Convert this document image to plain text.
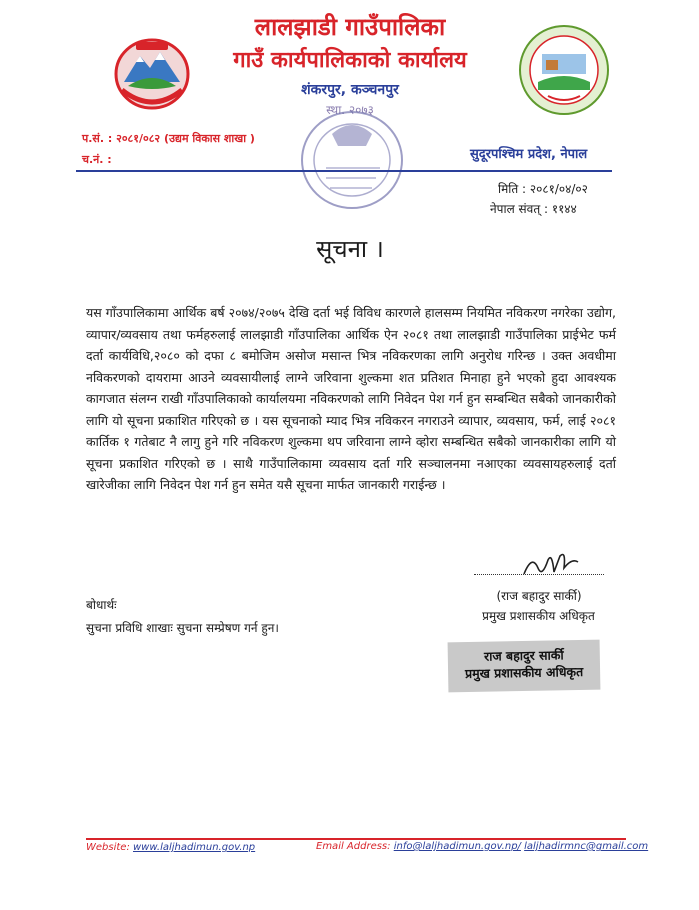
लालझाडी गाउँपालिका
गाउँ कार्यपालिकाको कार्यालय
शंकरपुर, कञ्चनपुर
स्था. २०७३
प.सं. : २०८१/०८२ (उद्यम विकास शाखा )
च.नं. :	सुदूरपश्चिम प्रदेश, नेपाल
मिति : २०८१/०४/०२
नेपाल संवत् : ११४४
सूचना ।
यस गाँउपालिकामा आर्थिक बर्ष २०७४/२०७५ देखि दर्ता भई विविध कारणले हालसम्म नियमित नविकरण नगरेका उद्योग, व्यापार/व्यवसाय तथा फर्महरुलाई लालझाडी गाँउपालिका आर्थिक ऐन २०८१ तथा लालझाडी गाउँपालिका प्राईभेट फर्म दर्ता कार्यविधि,२०८० को दफा ८ बमोजिम असोज मसान्त भित्र नविकरणका लागि अनुरोध गरिन्छ । उक्त अवधीमा नविकरणको दायरामा आउने व्यवसायीलाई लाग्ने जरिवाना शुल्कमा शत प्रतिशत मिनाहा हुने भएको हुदा आवश्यक कागजात संलग्न राखी गाँउपालिकाको कार्यालयमा नविकरणको लागि निवेदन पेश गर्न हुन सम्बन्धित सबैको जानकारीको लागि यो सूचना प्रकाशित गरिएको छ । यस सूचनाको म्याद भित्र नविकरन नगराउने व्यापार, व्यवसाय, फर्म, लाई २०८१ कार्तिक १ गतेबाट नै लागु हुने गरि नविकरण शुल्कमा थप जरिवाना लाग्ने व्होरा सम्बन्धित सबैको जानकारीका लागि यो सूचना प्रकाशित गरिएको छ । साथै गाउँपालिकामा व्यवसाय दर्ता गरि सञ्चालनमा नआएका व्यवसायहरुलाई दर्ता खारेजीका लागि निवेदन पेश गर्न हुन समेत यसै सूचना मार्फत जानकारी गराईन्छ ।
बोधार्थः
सुचना प्रविधि शाखाः सुचना सम्प्रेषण गर्न हुन।
(राज बहादुर सार्की)
प्रमुख प्रशासकीय अधिकृत
राज बहादुर सार्की
प्रमुख प्रशासकीय अधिकृत
Website: www.laljhadimun.gov.np	Email Address: info@laljhadimun.gov.np/ laljhadirmnc@gmail.com
